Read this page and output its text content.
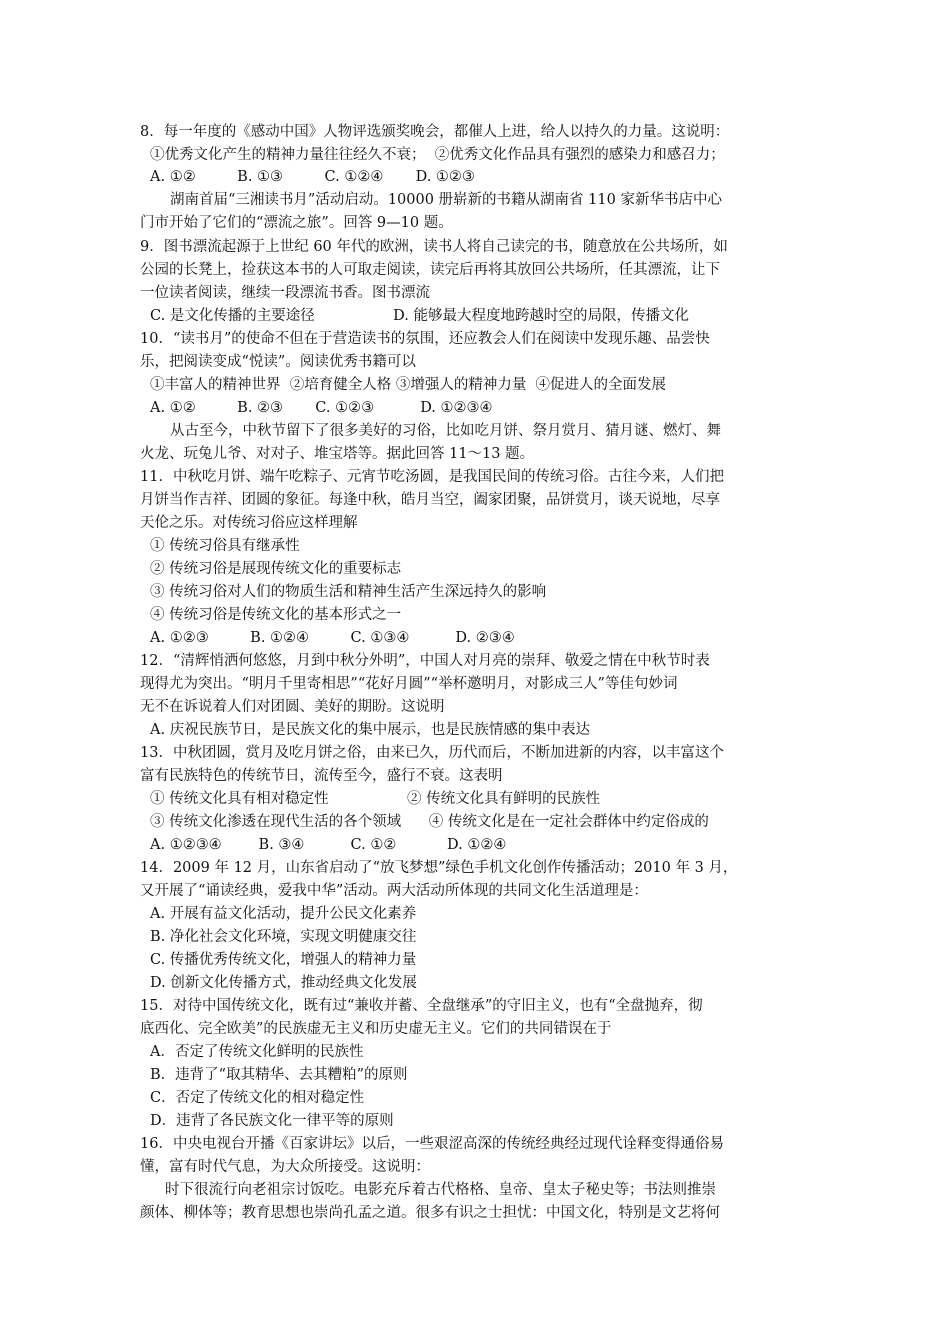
8．每一年度的《感动中国》人物评选颁奖晚会，都催人上进，给人以持久的力量。这说明：
①优秀文化产生的精神力量往往经久不衰；  ②优秀文化作品具有强烈的感染力和感召力；
A. ①②         B. ①③         C. ①②④       D. ①②③
湖南首届“三湘读书月”活动启动。10000 册崭新的书籍从湖南省 110 家新华书店中心
门市开始了它们的“漂流之旅”。回答 9—10 题。
9．图书漂流起源于上世纪 60 年代的欧洲，读书人将自己读完的书，随意放在公共场所，如
公园的长凳上，捡获这本书的人可取走阅读，读完后再将其放回公共场所，任其漂流，让下
一位读者阅读，继续一段漂流书香。图书漂流
C. 是文化传播的主要途径                 D. 能够最大程度地跨越时空的局限，传播文化
10．“读书月”的使命不但在于营造读书的氛围，还应教会人们在阅读中发现乐趣、品尝快
乐，把阅读变成“悦读”。阅读优秀书籍可以
①丰富人的精神世界  ②培育健全人格 ③增强人的精神力量  ④促进人的全面发展
A. ①②         B. ②③       C. ①②③          D. ①②③④
从古至今，中秋节留下了很多美好的习俗，比如吃月饼、祭月赏月、猜月谜、燃灯、舞
火龙、玩兔儿爷、对对子、堆宝塔等。据此回答 11～13 题。
11．中秋吃月饼、端午吃粽子、元宵节吃汤圆，是我国民间的传统习俗。古往今来，人们把
月饼当作吉祥、团圆的象征。每逢中秋，皓月当空，阖家团聚，品饼赏月，谈天说地，尽享
天伦之乐。对传统习俗应这样理解
① 传统习俗具有继承性
② 传统习俗是展现传统文化的重要标志
③ 传统习俗对人们的物质生活和精神生活产生深远持久的影响
④ 传统习俗是传统文化的基本形式之一
A. ①②③         B. ①②④         C. ①③④          D. ②③④
12．“清辉悄洒何悠悠，月到中秋分外明”，中国人对月亮的崇拜、敬爱之情在中秋节时表
现得尤为突出。“明月千里寄相思”“花好月圆”“举杯邀明月，对影成三人”等佳句妙词
无不在诉说着人们对团圆、美好的期盼。这说明
A. 庆祝民族节日，是民族文化的集中展示，也是民族情感的集中表达
13．中秋团圆，赏月及吃月饼之俗，由来已久，历代而后，不断加进新的内容，以丰富这个
富有民族特色的传统节日，流传至今，盛行不衰。这表明
① 传统文化具有相对稳定性                 ② 传统文化具有鲜明的民族性
③ 传统文化渗透在现代生活的各个领域      ④ 传统文化是在一定社会群体中约定俗成的
A. ①②③④        B. ③④          C. ①②           D. ①②④
14．2009 年 12 月，山东省启动了“放飞梦想”绿色手机文化创作传播活动；2010 年 3 月，
又开展了“诵读经典，爱我中华”活动。两大活动所体现的共同文化生活道理是：
A. 开展有益文化活动，提升公民文化素养
B. 净化社会文化环境，实现文明健康交往
C. 传播优秀传统文化，增强人的精神力量
D. 创新文化传播方式，推动经典文化发展
15．对待中国传统文化，既有过“兼收并蓄、全盘继承”的守旧主义，也有“全盘抛弃，彻
底西化、完全欧美”的民族虚无主义和历史虚无主义。它们的共同错误在于
A．否定了传统文化鲜明的民族性
B．违背了“取其精华、去其糟粕”的原则
C．否定了传统文化的相对稳定性
D．违背了各民族文化一律平等的原则
16．中央电视台开播《百家讲坛》以后，一些艰涩高深的传统经典经过现代诠释变得通俗易
懂，富有时代气息，为大众所接受。这说明：
时下很流行向老祖宗讨饭吃。电影充斥着古代格格、皇帝、皇太子秘史等；书法则推崇
颜体、柳体等；教育思想也崇尚孔孟之道。很多有识之士担忧：中国文化，特别是文艺将何
